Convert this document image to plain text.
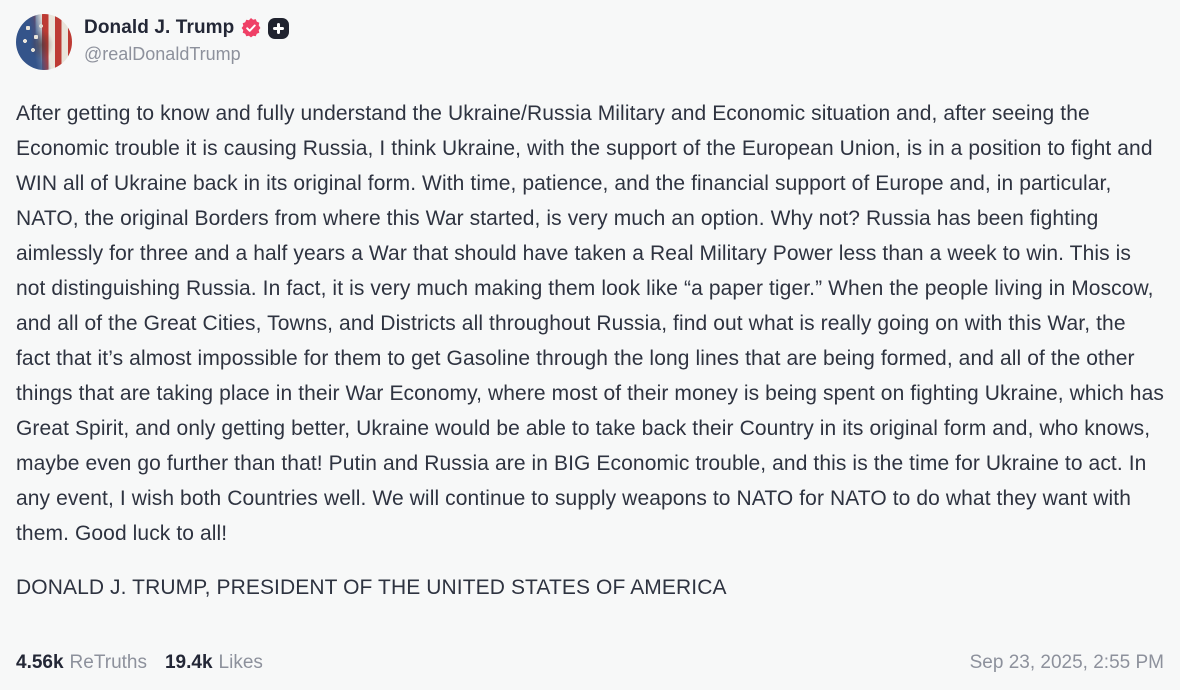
Donald J. Trump
@realDonaldTrump
After getting to know and fully understand the Ukraine/Russia Military and Economic situation and, after seeing the Economic trouble it is causing Russia, I think Ukraine, with the support of the European Union, is in a position to fight and WIN all of Ukraine back in its original form. With time, patience, and the financial support of Europe and, in particular, NATO, the original Borders from where this War started, is very much an option. Why not? Russia has been fighting aimlessly for three and a half years a War that should have taken a Real Military Power less than a week to win. This is not distinguishing Russia. In fact, it is very much making them look like “a paper tiger.” When the people living in Moscow, and all of the Great Cities, Towns, and Districts all throughout Russia, find out what is really going on with this War, the fact that it’s almost impossible for them to get Gasoline through the long lines that are being formed, and all of the other things that are taking place in their War Economy, where most of their money is being spent on fighting Ukraine, which has Great Spirit, and only getting better, Ukraine would be able to take back their Country in its original form and, who knows, maybe even go further than that! Putin and Russia are in BIG Economic trouble, and this is the time for Ukraine to act. In any event, I wish both Countries well. We will continue to supply weapons to NATO for NATO to do what they want with them. Good luck to all!
DONALD J. TRUMP, PRESIDENT OF THE UNITED STATES OF AMERICA
4.56k ReTruths 19.4k Likes	Sep 23, 2025, 2:55 PM
